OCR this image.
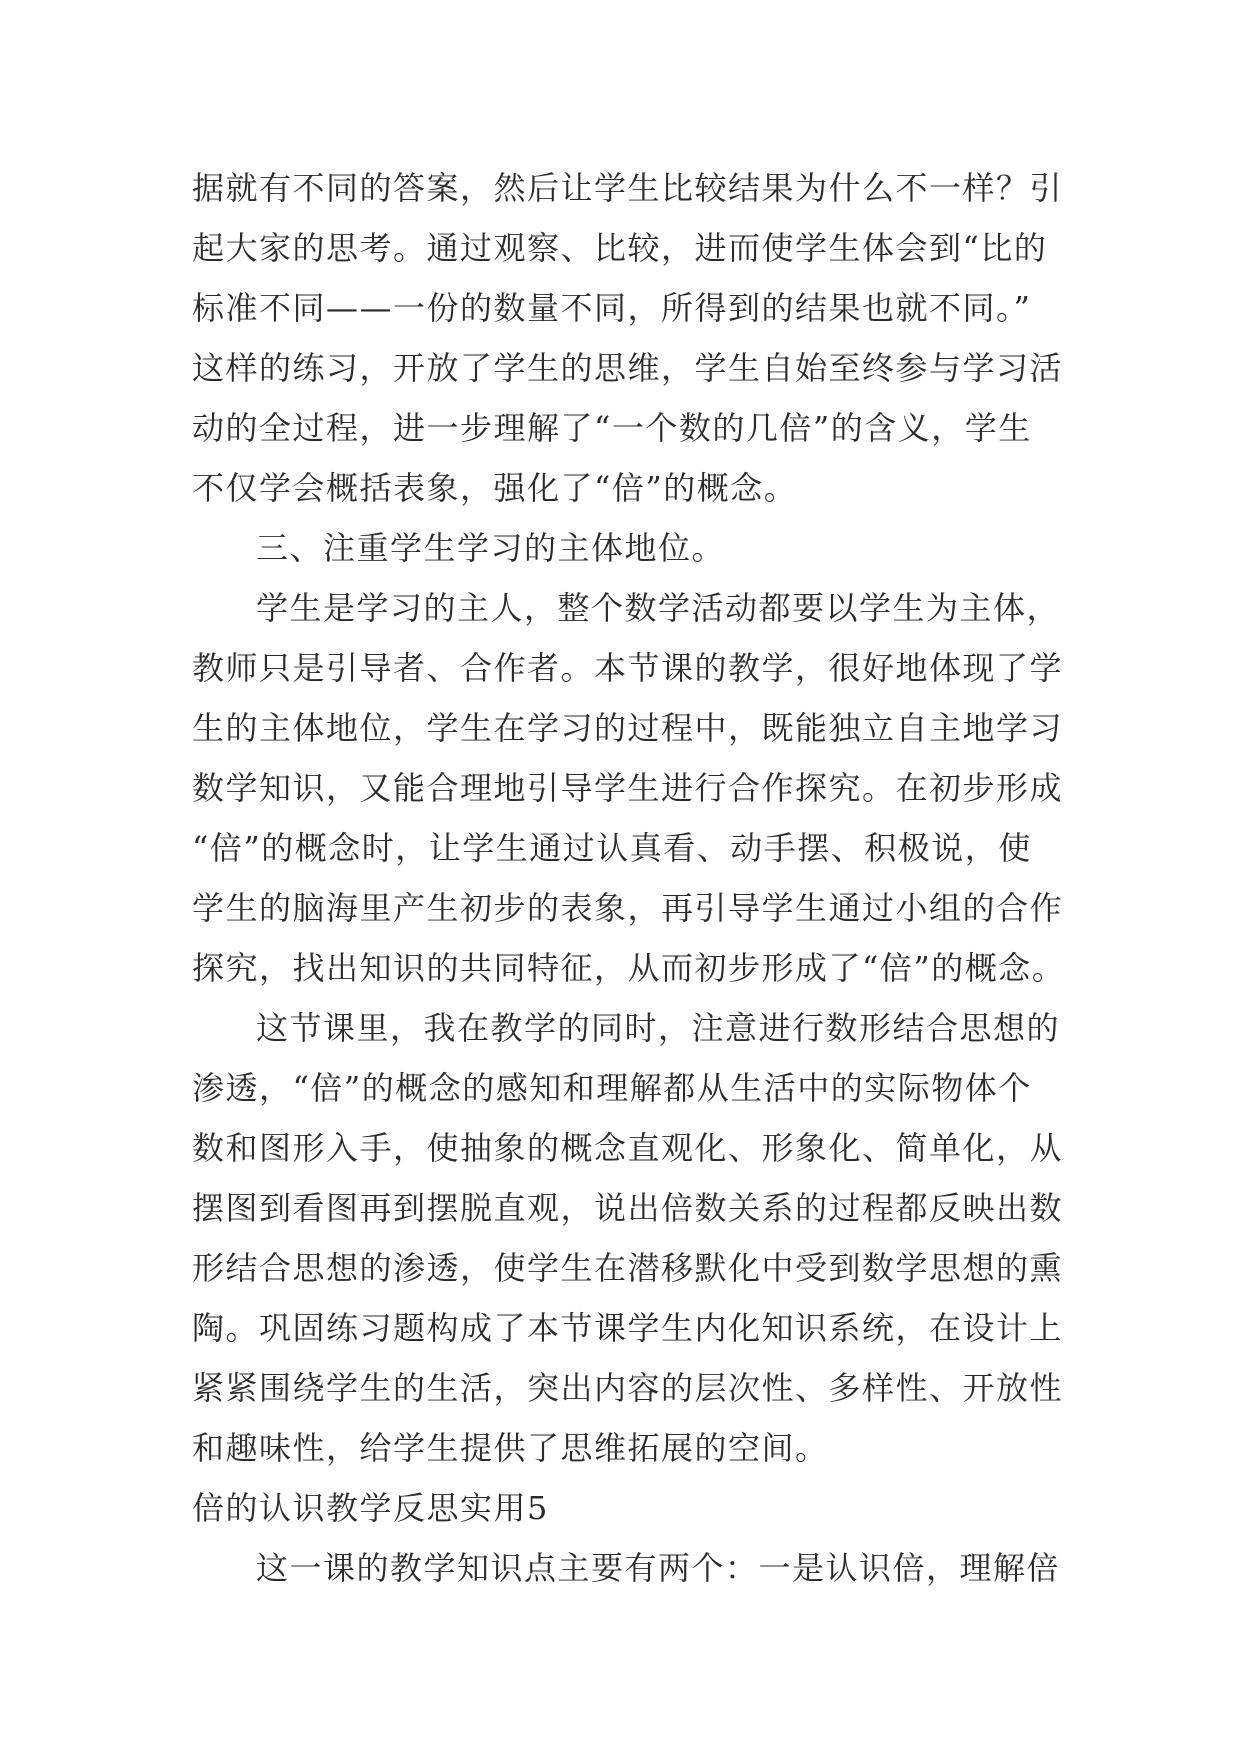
据就有不同的答案，然后让学生比较结果为什么不一样？引
起大家的思考。通过观察、比较，进而使学生体会到“比的
标准不同——一份的数量不同，所得到的结果也就不同。”
这样的练习，开放了学生的思维，学生自始至终参与学习活
动的全过程，进一步理解了“一个数的几倍”的含义，学生
不仅学会概括表象，强化了“倍”的概念。
三、注重学生学习的主体地位。
学生是学习的主人，整个数学活动都要以学生为主体，
教师只是引导者、合作者。本节课的教学，很好地体现了学
生的主体地位，学生在学习的过程中，既能独立自主地学习
数学知识，又能合理地引导学生进行合作探究。在初步形成
“倍”的概念时，让学生通过认真看、动手摆、积极说，使
学生的脑海里产生初步的表象，再引导学生通过小组的合作
探究，找出知识的共同特征，从而初步形成了“倍”的概念。
这节课里，我在教学的同时，注意进行数形结合思想的
渗透，“倍”的概念的感知和理解都从生活中的实际物体个
数和图形入手，使抽象的概念直观化、形象化、简单化，从
摆图到看图再到摆脱直观，说出倍数关系的过程都反映出数
形结合思想的渗透，使学生在潜移默化中受到数学思想的熏
陶。巩固练习题构成了本节课学生内化知识系统，在设计上
紧紧围绕学生的生活，突出内容的层次性、多样性、开放性
和趣味性，给学生提供了思维拓展的空间。
倍的认识教学反思实用5
这一课的教学知识点主要有两个：一是认识倍，理解倍
